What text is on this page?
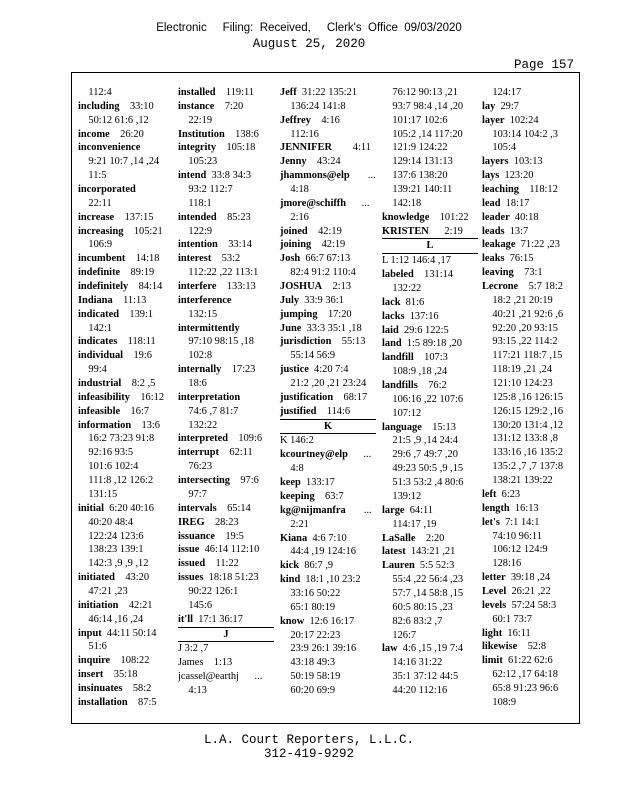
Electronic     Filing:  Received,     Clerk's  Office  09/03/2020
August 25, 2020
Page 157
112:4
including    33:10
50:12 61:6 ,12
income    26:20
inconvenience
9:21 10:7 ,14 ,24
11:5
incorporated
22:11
increase    137:15
increasing    105:21
106:9
incumbent    14:18
indefinite    89:19
indefinitely    84:14
Indiana    11:13
indicated    139:1
142:1
indicates    118:11
individual    19:6
99:4
industrial    8:2 ,5
infeasibility    16:12
infeasible    16:7
information    13:6
16:2 73:23 91:8
92:16 93:5
101:6 102:4
111:8 ,12 126:2
131:15
initial  6:20 40:16
40:20 48:4
122:24 123:6
138:23 139:1
142:3 ,9 ,9 ,12
initiated    43:20
47:21 ,23
initiation    42:21
46:14 ,16 ,24
input  44:11 50:14
51:6
inquire    108:22
insert    35:18
insinuates    58:2
installation    87:5
installed    119:11
instance    7:20
22:19
Institution    138:6
integrity    105:18
105:23
intend  33:8 34:3
93:2 112:7
118:1
intended    85:23
122:9
intention    33:14
interest    53:2
112:22 ,22 113:1
interfere    133:13
interference
132:15
intermittently
97:10 98:15 ,18
102:8
internally    17:23
18:6
interpretation
74:6 ,7 81:7
132:22
interpreted    109:6
interrupt    62:11
76:23
intersecting    97:6
97:7
intervals    65:14
IREG    28:23
issuance    19:5
issue  46:14 112:10
issued    11:22
issues  18:18 51:23
90:22 126:1
145:6
it'll  17:1 36:17
J
J 3:2 ,7
James    1:13
jcassel@earthj      ...
4:13
Jeff  31:22 135:21
136:24 141:8
Jeffrey    4:16
112:16
JENNIFER        4:11
Jenny    43:24
jhammons@elp       ...
4:18
jmore@schiffh      ...
2:16
joined    42:19
joining    42:19
Josh  66:7 67:13
82:4 91:2 110:4
JOSHUA    2:13
July  33:9 36:1
jumping    17:20
June  33:3 35:1 ,18
jurisdiction    55:13
55:14 56:9
justice  4:20 7:4
21:2 ,20 ,21 23:24
justification    68:17
justified    114:6
K
K 146:2
kcourtney@elp      ...
4:8
keep  133:17
keeping    63:7
kg@nijmanfra       ...
2:21
Kiana  4:6 7:10
44:4 ,19 124:16
kick  86:7 ,9
kind  18:1 ,10 23:2
33:16 50:22
65:1 80:19
know  12:6 16:17
20:17 22:23
23:9 26:1 39:16
43:18 49:3
50:19 58:19
60:20 69:9
76:12 90:13 ,21
93:7 98:4 ,14 ,20
101:17 102:6
105:2 ,14 117:20
121:9 124:22
129:14 131:13
137:6 138:20
139:21 140:11
142:18
knowledge    101:22
KRISTEN      2:19
L
L 1:12 146:4 ,17
labeled    131:14
132:22
lack  81:6
lacks  137:16
laid  29:6 122:5
land  1:5 89:18 ,20
landfill    107:3
108:9 ,18 ,24
landfills    76:2
106:16 ,22 107:6
107:12
language    15:13
21:5 ,9 ,14 24:4
29:6 ,7 49:7 ,20
49:23 50:5 ,9 ,15
51:3 53:2 ,4 80:6
139:12
large  64:11
114:17 ,19
LaSalle    2:20
latest  143:21 ,21
Lauren  5:5 52:3
55:4 ,22 56:4 ,23
57:7 ,14 58:8 ,15
60:5 80:15 ,23
82:6 83:2 ,7
126:7
law  4:6 ,15 ,19 7:4
14:16 31:22
35:1 37:12 44:5
44:20 112:16
124:17
lay  29:7
layer  102:24
103:14 104:2 ,3
105:4
layers  103:13
lays  123:20
leaching    118:12
lead  18:17
leader  40:18
leads  13:7
leakage  71:22 ,23
leaks  76:15
leaving    73:1
Lecrone    5:7 18:2
18:2 ,21 20:19
40:21 ,21 92:6 ,6
92:20 ,20 93:15
93:15 ,22 114:2
117:21 118:7 ,15
118:19 ,21 ,24
121:10 124:23
125:8 ,16 126:15
126:15 129:2 ,16
130:20 131:4 ,12
131:12 133:8 ,8
133:16 ,16 135:2
135:2 ,7 ,7 137:8
138:21 139:22
left  6:23
length  16:13
let's  7:1 14:1
74:10 96:11
106:12 124:9
128:16
letter  39:18 ,24
Level  26:21 ,22
levels  57:24 58:3
60:1 73:7
light  16:11
likewise    52:8
limit  61:22 62:6
62:12 ,17 64:18
65:8 91:23 96:6
108:9
L.A. Court Reporters, L.L.C.
312-419-9292
